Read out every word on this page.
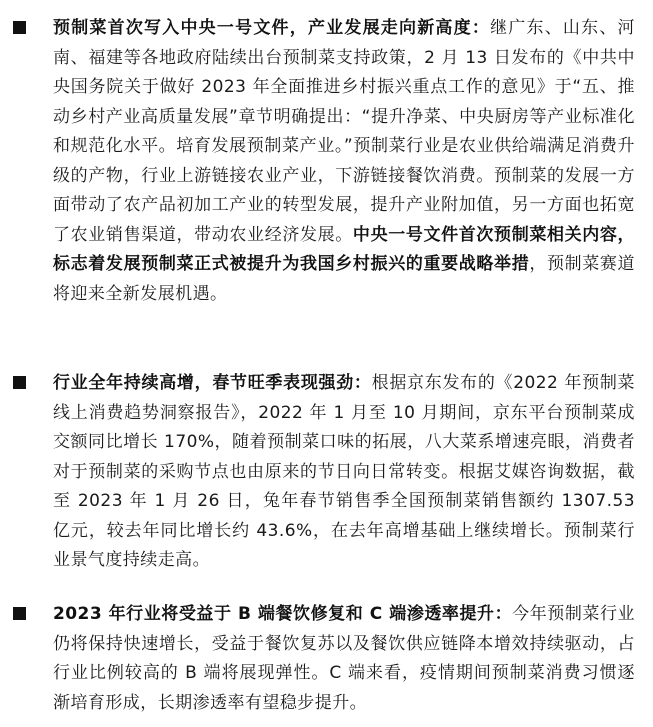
预制菜首次写入中央一号文件，产业发展走向新高度：继广东、山东、河南、福建等各地政府陆续出台预制菜支持政策，2 月 13 日发布的《中共中央国务院关于做好 2023 年全面推进乡村振兴重点工作的意见》于“五、推动乡村产业高质量发展”章节明确提出：“提升净菜、中央厨房等产业标准化和规范化水平。培育发展预制菜产业。”预制菜行业是农业供给端满足消费升级的产物，行业上游链接农业产业，下游链接餐饮消费。预制菜的发展一方面带动了农产品初加工产业的转型发展，提升产业附加值，另一方面也拓宽了农业销售渠道，带动农业经济发展。中央一号文件首次预制菜相关内容，标志着发展预制菜正式被提升为我国乡村振兴的重要战略举措，预制菜赛道将迎来全新发展机遇。

行业全年持续高增，春节旺季表现强劲：根据京东发布的《2022 年预制菜线上消费趋势洞察报告》，2022 年 1 月至 10 月期间，京东平台预制菜成交额同比增长 170%，随着预制菜口味的拓展，八大菜系增速亮眼，消费者对于预制菜的采购节点也由原来的节日向日常转变。根据艾媒咨询数据，截至 2023 年 1 月 26 日，兔年春节销售季全国预制菜销售额约 1307.53 亿元，较去年同比增长约 43.6%，在去年高增基础上继续增长。预制菜行业景气度持续走高。

2023 年行业将受益于 B 端餐饮修复和 C 端渗透率提升：今年预制菜行业仍将保持快速增长，受益于餐饮复苏以及餐饮供应链降本增效持续驱动，占行业比例较高的 B 端将展现弹性。C 端来看，疫情期间预制菜消费习惯逐渐培育形成，长期渗透率有望稳步提升。
